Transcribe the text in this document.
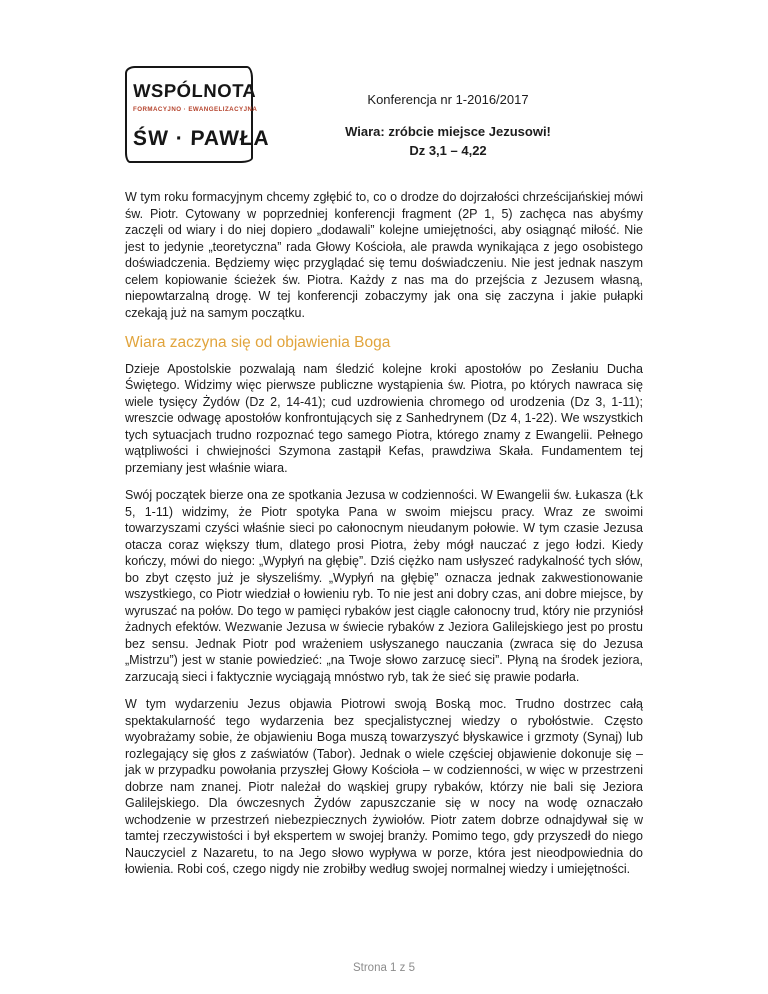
WSPÓLNOTA
FORMACYJNO · EWANGELIZACYJNA
ŚW · PAWŁA
Konferencja nr 1-2016/2017
Wiara: zróbcie miejsce Jezusowi!
Dz 3,1 – 4,22

W tym roku formacyjnym chcemy zgłębić to, co o drodze do dojrzałości chrześcijańskiej mówi św. Piotr. Cytowany w poprzedniej konferencji fragment (2P 1, 5) zachęca nas abyśmy zaczęli od wiary i do niej dopiero „dodawali” kolejne umiejętności, aby osiągnąć miłość. Nie jest to jedynie „teoretyczna” rada Głowy Kościoła, ale prawda wynikająca z jego osobistego doświadczenia. Będziemy więc przyglądać się temu doświadczeniu. Nie jest jednak naszym celem kopiowanie ścieżek św. Piotra. Każdy z nas ma do przejścia z Jezusem własną, niepowtarzalną drogę. W tej konferencji zobaczymy jak ona się zaczyna i jakie pułapki czekają już na samym początku.

Wiara zaczyna się od objawienia Boga

Dzieje Apostolskie pozwalają nam śledzić kolejne kroki apostołów po Zesłaniu Ducha Świętego. Widzimy więc pierwsze publiczne wystąpienia św. Piotra, po których nawraca się wiele tysięcy Żydów (Dz 2, 14-41); cud uzdrowienia chromego od urodzenia (Dz 3, 1-11); wreszcie odwagę apostołów konfrontujących się z Sanhedrynem (Dz 4, 1-22). We wszystkich tych sytuacjach trudno rozpoznać tego samego Piotra, którego znamy z Ewangelii. Pełnego wątpliwości i chwiejności Szymona zastąpił Kefas, prawdziwa Skała. Fundamentem tej przemiany jest właśnie wiara.

Swój początek bierze ona ze spotkania Jezusa w codzienności. W Ewangelii św. Łukasza (Łk 5, 1-11) widzimy, że Piotr spotyka Pana w swoim miejscu pracy. Wraz ze swoimi towarzyszami czyści właśnie sieci po całonocnym nieudanym połowie. W tym czasie Jezusa otacza coraz większy tłum, dlatego prosi Piotra, żeby mógł nauczać z jego łodzi. Kiedy kończy, mówi do niego: „Wypłyń na głębię”. Dziś ciężko nam usłyszeć radykalność tych słów, bo zbyt często już je słyszeliśmy. „Wypłyń na głębię” oznacza jednak zakwestionowanie wszystkiego, co Piotr wiedział o łowieniu ryb. To nie jest ani dobry czas, ani dobre miejsce, by wyruszać na połów. Do tego w pamięci rybaków jest ciągle całonocny trud, który nie przyniósł żadnych efektów. Wezwanie Jezusa w świecie rybaków z Jeziora Galilejskiego jest po prostu bez sensu. Jednak Piotr pod wrażeniem usłyszanego nauczania (zwraca się do Jezusa „Mistrzu”) jest w stanie powiedzieć: „na Twoje słowo zarzucę sieci”. Płyną na środek jeziora, zarzucają sieci i faktycznie wyciągają mnóstwo ryb, tak że sieć się prawie podarła.

W tym wydarzeniu Jezus objawia Piotrowi swoją Boską moc. Trudno dostrzec całą spektakularność tego wydarzenia bez specjalistycznej wiedzy o rybołóstwie. Często wyobrażamy sobie, że objawieniu Boga muszą towarzyszyć błyskawice i grzmoty (Synaj) lub rozlegający się głos z zaświatów (Tabor). Jednak o wiele częściej objawienie dokonuje się – jak w przypadku powołania przyszłej Głowy Kościoła – w codzienności, w więc w przestrzeni dobrze nam znanej. Piotr należał do wąskiej grupy rybaków, którzy nie bali się Jeziora Galilejskiego. Dla ówczesnych Żydów zapuszczanie się w nocy na wodę oznaczało wchodzenie w przestrzeń niebezpiecznych żywiołów. Piotr zatem dobrze odnajdywał się w tamtej rzeczywistości i był ekspertem w swojej branży. Pomimo tego, gdy przyszedł do niego Nauczyciel z Nazaretu, to na Jego słowo wypływa w porze, która jest nieodpowiednia do łowienia. Robi coś, czego nigdy nie zrobiłby według swojej normalnej wiedzy i umiejętności.

Strona 1 z 5
